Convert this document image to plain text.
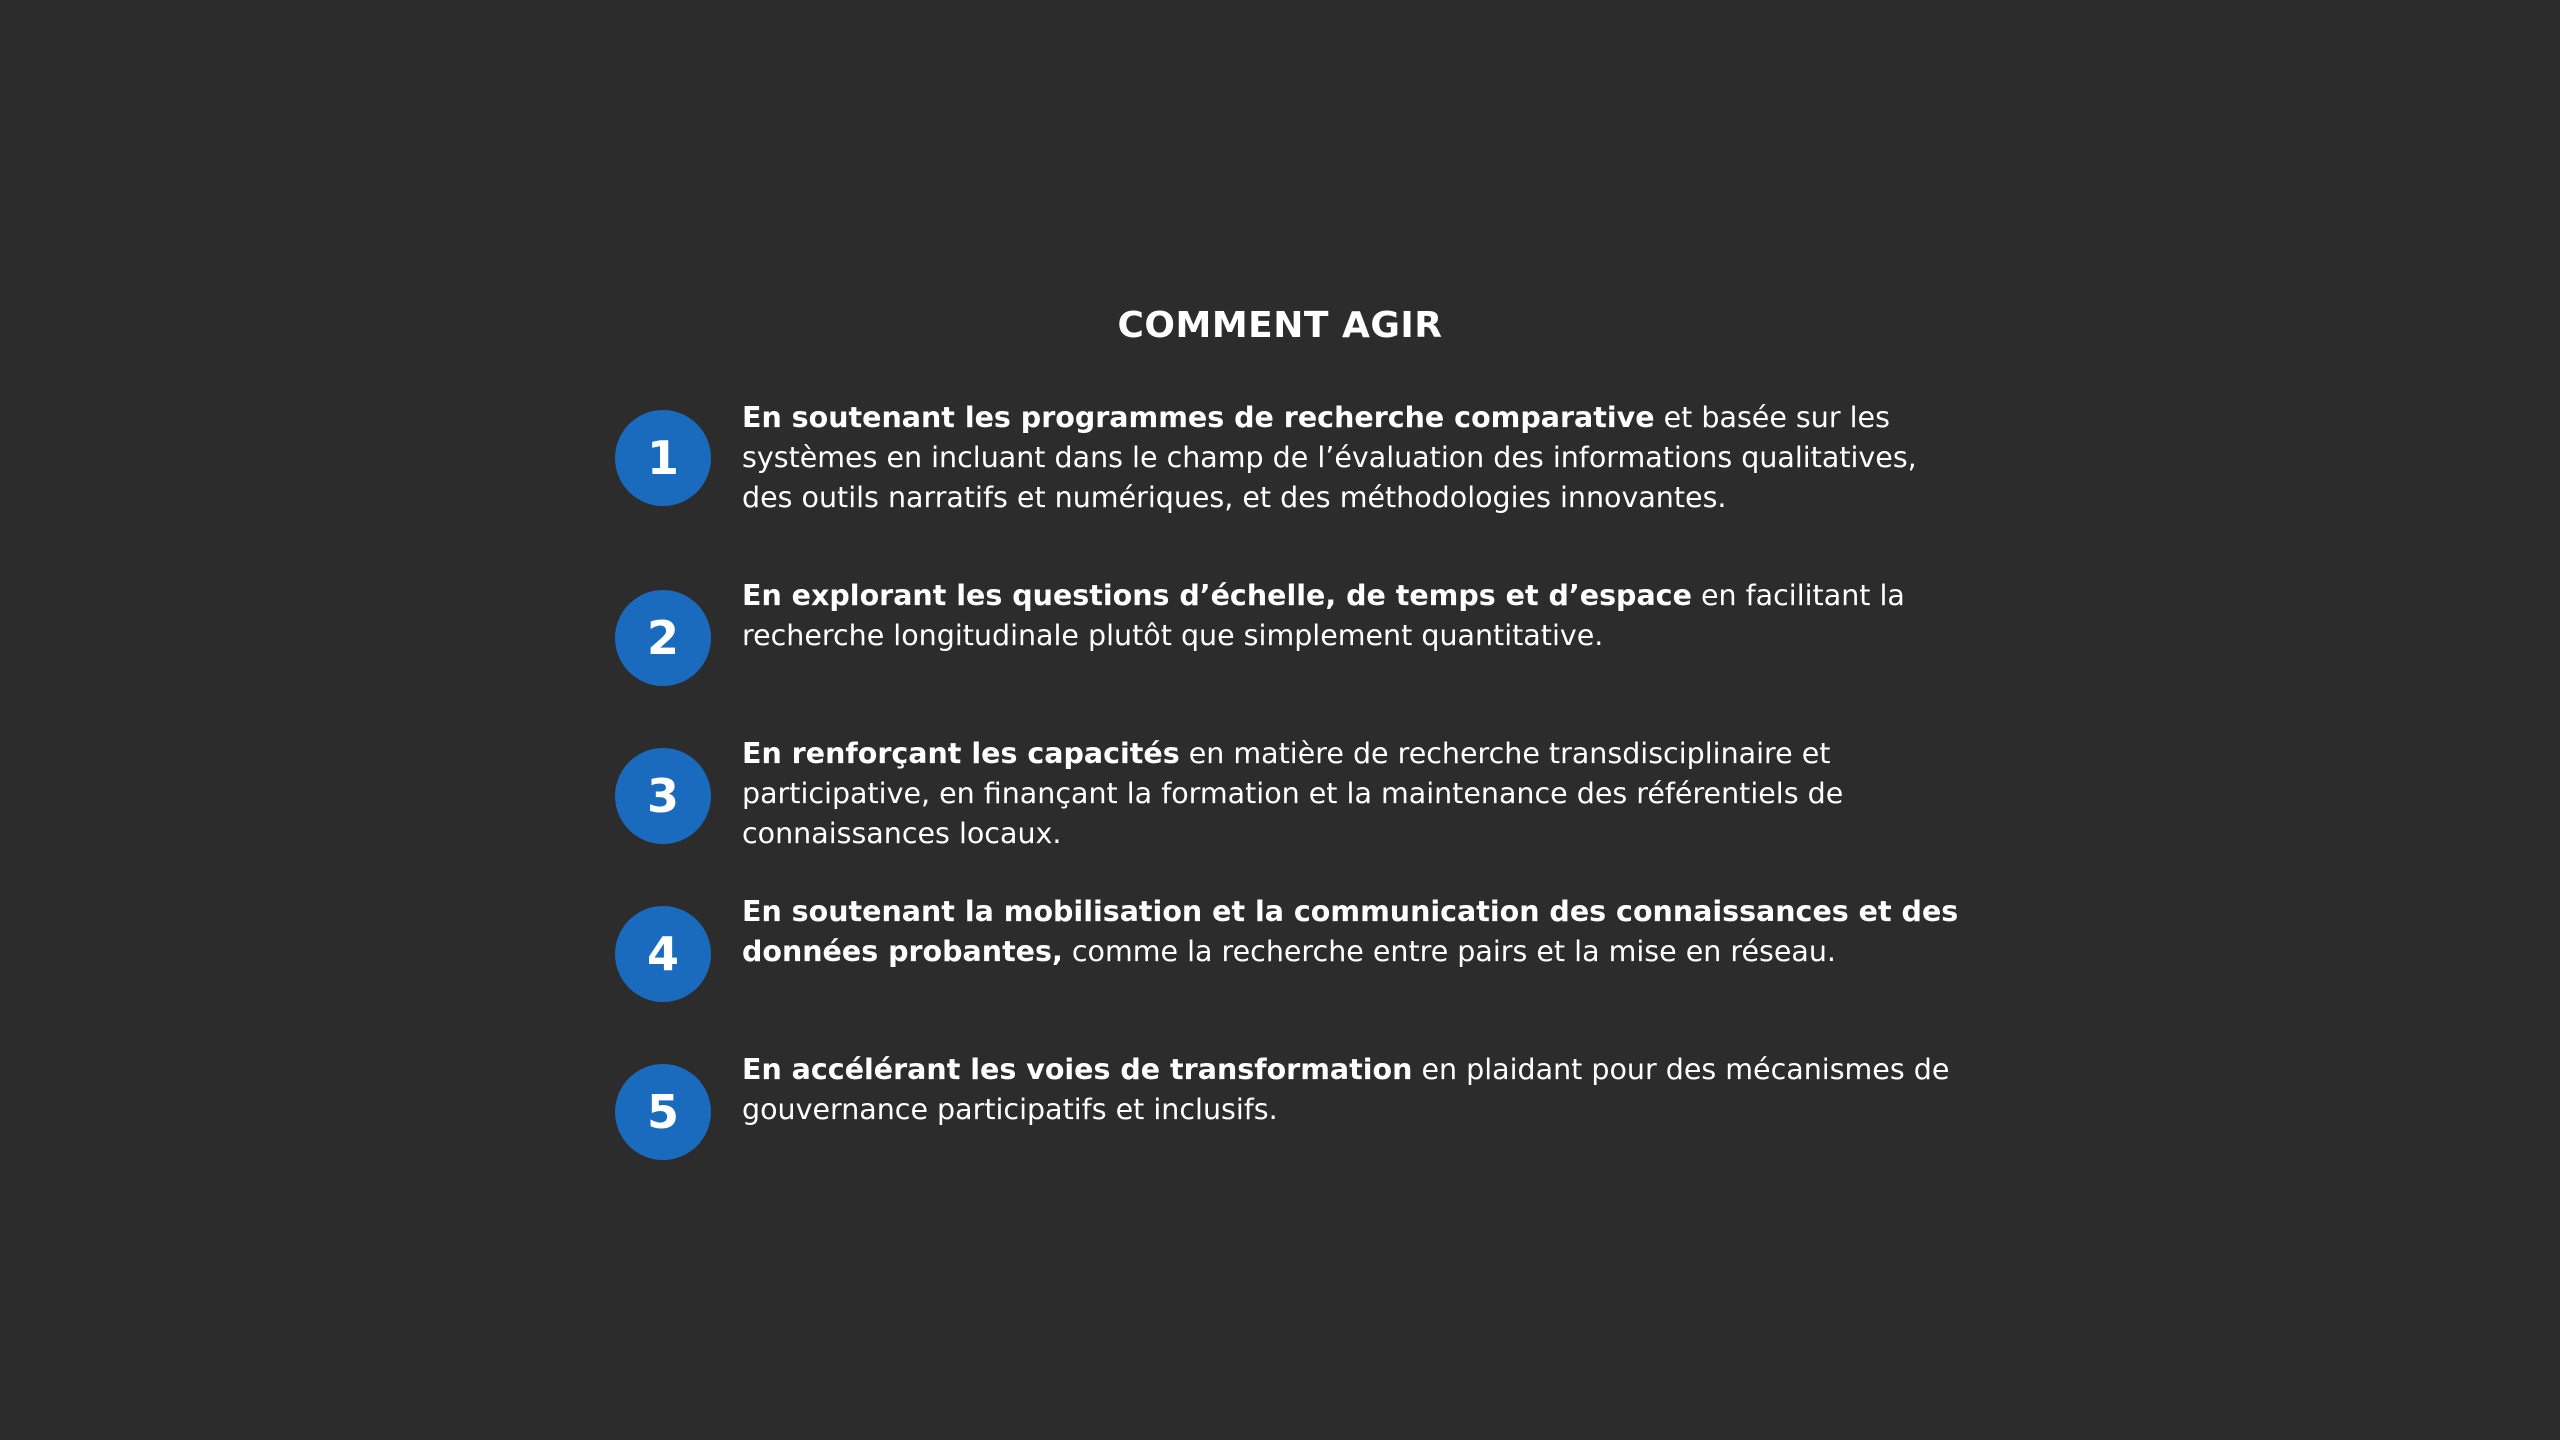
COMMENT AGIR
1

En soutenant les programmes de recherche comparative et basée sur les systèmes en incluant dans le champ de l’évaluation des informations qualitatives, des outils narratifs et numériques, et des méthodologies innovantes.

2

En explorant les questions d’échelle, de temps et d’espace en facilitant la recherche longitudinale plutôt que simplement quantitative.

3

En renforçant les capacités en matière de recherche transdisciplinaire et participative, en finançant la formation et la maintenance des référentiels de connaissances locaux.

4

En soutenant la mobilisation et la communication des connaissances et des données probantes, comme la recherche entre pairs et la mise en réseau.

5

En accélérant les voies de transformation en plaidant pour des mécanismes de gouvernance participatifs et inclusifs.
